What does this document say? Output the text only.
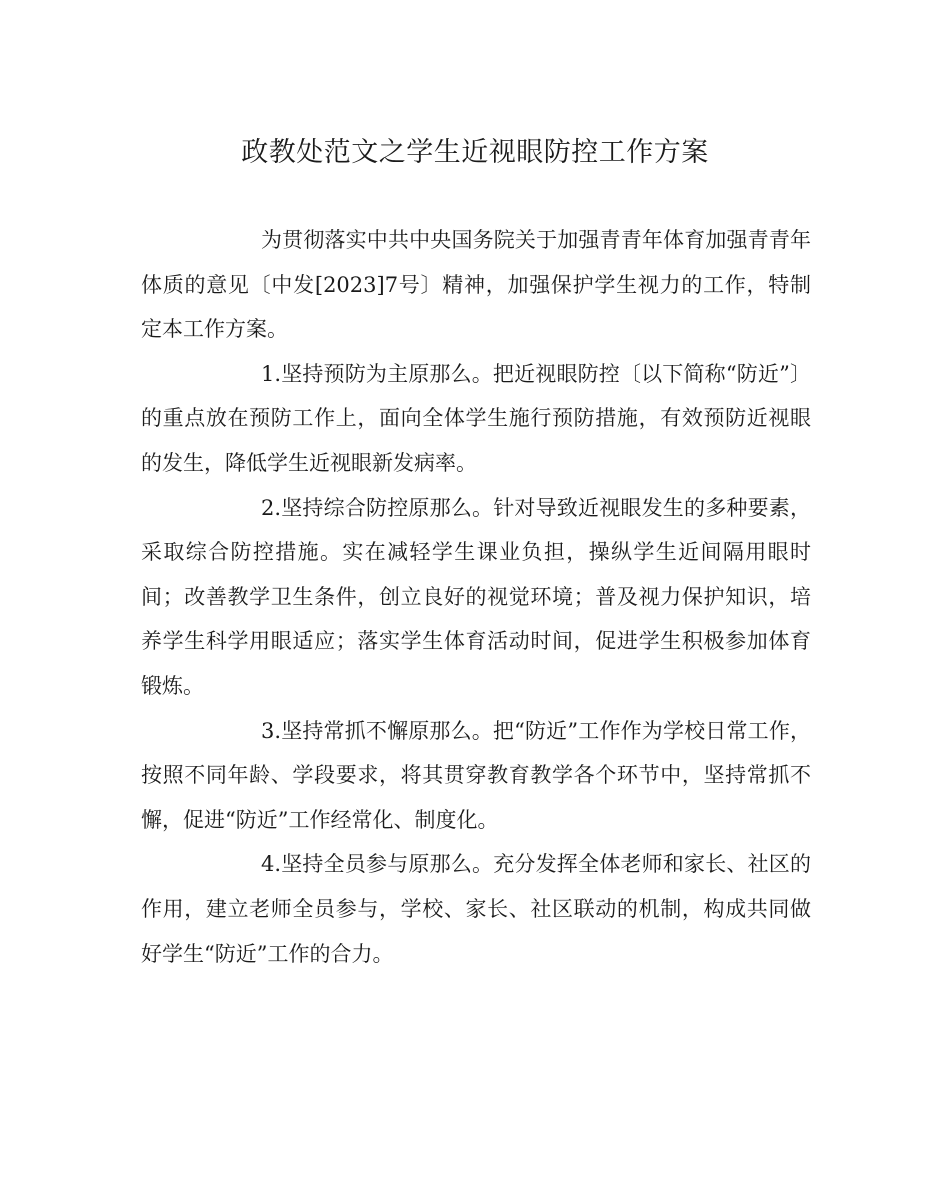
政教处范文之学生近视眼防控工作方案

为贯彻落实中共中央国务院关于加强青青年体育加强青青年体质的意见〔中发[2023]7号〕精神，加强保护学生视力的工作，特制定本工作方案。

1.坚持预防为主原那么。把近视眼防控〔以下简称“防近”〕的重点放在预防工作上，面向全体学生施行预防措施，有效预防近视眼的发生，降低学生近视眼新发病率。

2.坚持综合防控原那么。针对导致近视眼发生的多种要素，采取综合防控措施。实在减轻学生课业负担，操纵学生近间隔用眼时间；改善教学卫生条件，创立良好的视觉环境；普及视力保护知识，培养学生科学用眼适应；落实学生体育活动时间，促进学生积极参加体育锻炼。

3.坚持常抓不懈原那么。把“防近”工作作为学校日常工作，按照不同年龄、学段要求，将其贯穿教育教学各个环节中，坚持常抓不懈，促进“防近”工作经常化、制度化。

4.坚持全员参与原那么。充分发挥全体老师和家长、社区的作用，建立老师全员参与，学校、家长、社区联动的机制，构成共同做好学生“防近”工作的合力。
